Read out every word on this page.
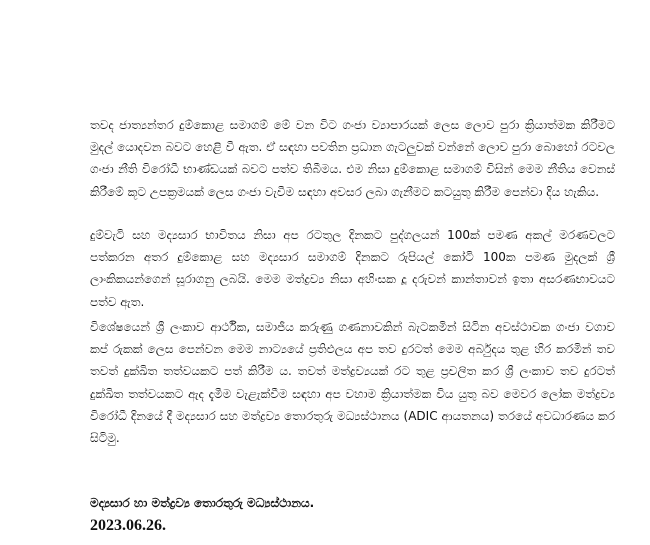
තවද ජාත්‍යන්තර දුම්කොළ සමාගම් මේ වන විට ගංජා ව්‍යාපාරයක් ලෙස ලොව පුරා ක්‍රියාත්මක කිරීමට මුදල් යොදවන බවට හෙළි වී ඇත. ඒ සඳහා පවතින ප්‍රධාන ගැටලුවක් වන්නේ ලොව පුරා බොහෝ රටවල ගංජා නීති විරෝධී භාණ්ඩයක් බවට පත්ව තිබීමය. එම නිසා දුම්කොළ සමාගම් විසින් මෙම නීතිය වෙනස් කිරීමේ කූට උපක්‍රමයක් ලෙස ගංජා වැවීම සඳහා අවසර ලබා ගැනීමට කටයුතු කිරීම පෙන්වා දිය හැකිය.

දුම්වැටි සහ මද්‍යසාර භාවිතය නිසා අප රටතුල දිනකට පුද්ගලයන් 100ක් පමණ අකල් මරණවලට පත්කරන අතර දුම්කොළ සහ මද්‍යසාර සමාගම් දිනකට රුපියල් කෝටි 100ක පමණ මුදලක් ශ්‍රී ලාංකිකයන්ගෙන් සූරාගනු ලබයි. මෙම මත්ද්‍රව්‍ය නිසා අහිංසක දූ දරුවන් කාන්තාවන් ඉතා අසරණභාවයට පත්ව ඇත.

විශේෂයෙන් ශ්‍රී ලංකාව ආර්ථික, සමාජීය කරුණු ගණනාවකින් බැටකමින් සිටින අවස්ථාවක ගංජා වගාව කප් රුකක් ලෙස පෙන්වන මෙම නාට්‍යයේ ප්‍රතිඵලය අප තව දුරටත් මෙම අර්බුදය තුළ හිර කරමින් තව තවත් දුක්ඛිත තත්වයකට පත් කිරීම ය. තවත් මත්ද්‍රව්‍යයක් රට තුළ ප්‍රචලිත කර ශ්‍රී ලංකාව තව දුරටත් දුක්ඛිත තත්වයකට ඇද දැමීම වැළැක්වීම සඳහා අප වහාම ක්‍රියාත්මක විය යුතු බව මෙවර ලෝක මත්ද්‍රව්‍ය විරෝධී දිනයේ දී මද්‍යසාර සහ මත්ද්‍රව්‍ය තොරතුරු මධ්‍යස්ථානය (ADIC ආයතනය) තරයේ අවධාරණය කර සිටිමු.

මද්‍යසාර හා මත්ද්‍රව්‍ය තොරතුරු මධ්‍යස්ථානය.

2023.06.26.
